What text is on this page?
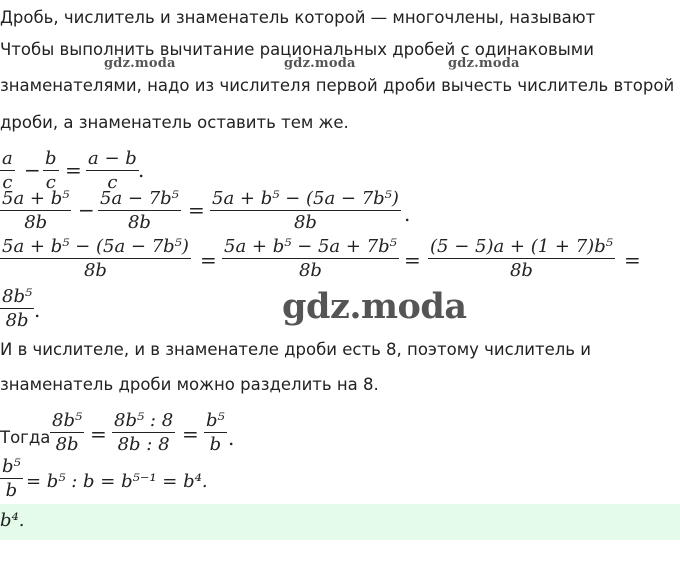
Дробь, числитель и знаменатель которой — многочлены, называют
Чтобы выполнить вычитание рациональных дробей с одинаковыми
знаменателями, надо из числителя первой дроби вычесть числитель второй
дроби, а знаменатель оставить тем же.
gdz.moda	gdz.moda	gdz.moda
$\frac{a}{c} - \frac{b}{c} = \frac{a - b}{c}$ .
$\frac{\text{5a + b⁵}}{8b} - \frac{\text{5a − 7b⁵}}{8b} = \frac{\text{5a + b⁵ − (5a − 7b⁵)}}{8b}$ .
$\frac{\text{5a + b⁵ − (5a − 7b⁵)}}{8b} = \frac{\text{5a + b⁵ − 5a + 7b⁵}}{8b} = \frac{\text{(5 − 5)a + (1 + 7)b⁵}}{8b}$ =
$\frac{\text{8b⁵}}{8b}$ .	gdz.moda
И в числителе, и в знаменателе дроби есть 8, поэтому числитель и
знаменатель дроби можно разделить на 8.
Тогда $\frac{\text{8b⁵}}{8b} = \frac{\text{8b⁵ : 8}}{8b : 8} = \frac{\text{b⁵}}{b}$ .
$\frac{\text{b⁵}}{b} = b^5$ : b = b⁵⁻¹ = b⁴.
b⁴.
